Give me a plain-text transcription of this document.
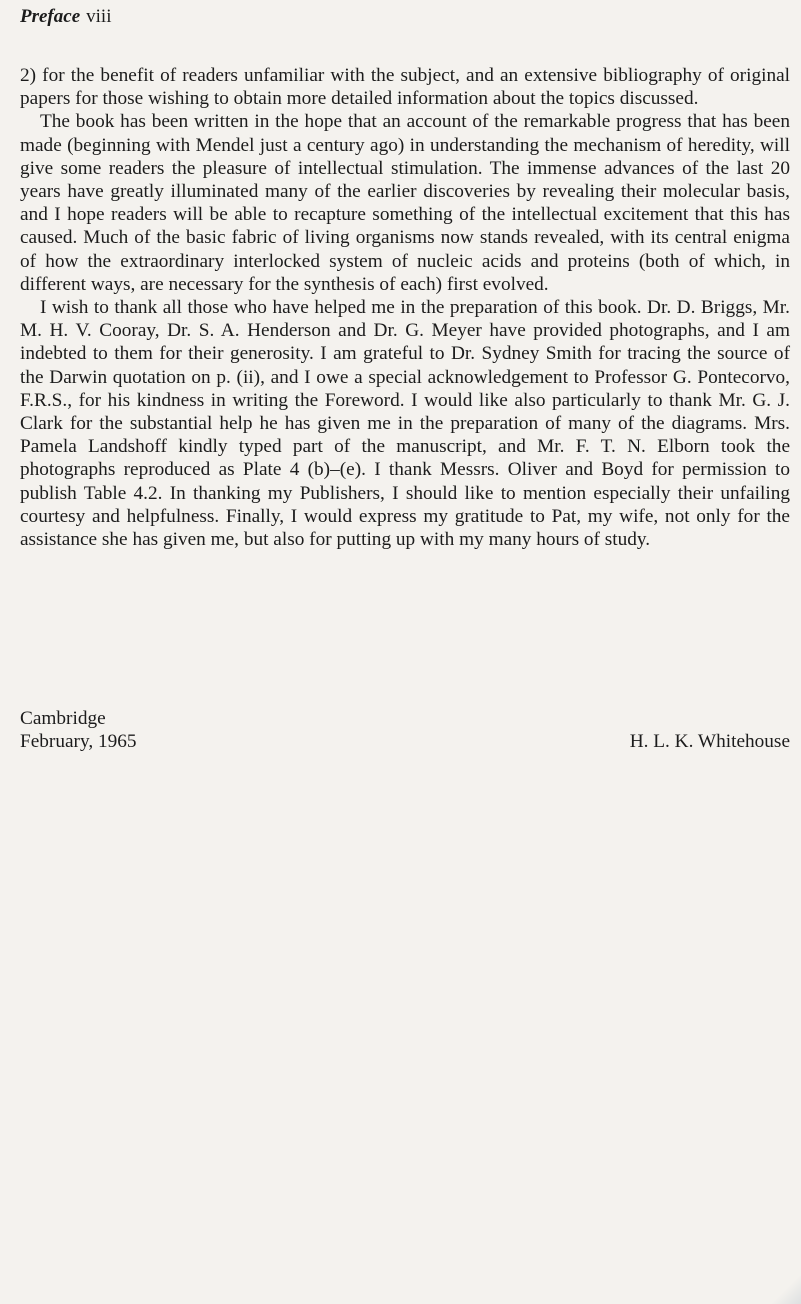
Preface viii

2) for the benefit of readers unfamiliar with the subject, and an extensive bibliography of original papers for those wishing to obtain more detailed information about the topics discussed.

The book has been written in the hope that an account of the remarkable progress that has been made (beginning with Mendel just a century ago) in understanding the mechanism of heredity, will give some readers the pleasure of intellectual stimulation. The immense advances of the last 20 years have greatly illuminated many of the earlier discoveries by revealing their molecular basis, and I hope readers will be able to recapture something of the intellectual excitement that this has caused. Much of the basic fabric of living organisms now stands revealed, with its central enigma of how the extraordinary interlocked system of nucleic acids and proteins (both of which, in different ways, are necessary for the synthesis of each) first evolved.

I wish to thank all those who have helped me in the preparation of this book. Dr. D. Briggs, Mr. M. H. V. Cooray, Dr. S. A. Henderson and Dr. G. Meyer have provided photographs, and I am indebted to them for their generosity. I am grateful to Dr. Sydney Smith for tracing the source of the Darwin quotation on p. (ii), and I owe a special acknowledgement to Professor G. Pontecorvo, F.R.S., for his kindness in writing the Foreword. I would like also particularly to thank Mr. G. J. Clark for the substantial help he has given me in the preparation of many of the diagrams. Mrs. Pamela Landshoff kindly typed part of the manuscript, and Mr. F. T. N. Elborn took the photographs reproduced as Plate 4 (b)–(e). I thank Messrs. Oliver and Boyd for permission to publish Table 4.2. In thanking my Publishers, I should like to mention especially their unfailing courtesy and helpfulness. Finally, I would express my gratitude to Pat, my wife, not only for the assistance she has given me, but also for putting up with my many hours of study.

Cambridge
February, 1965	H. L. K. Whitehouse
